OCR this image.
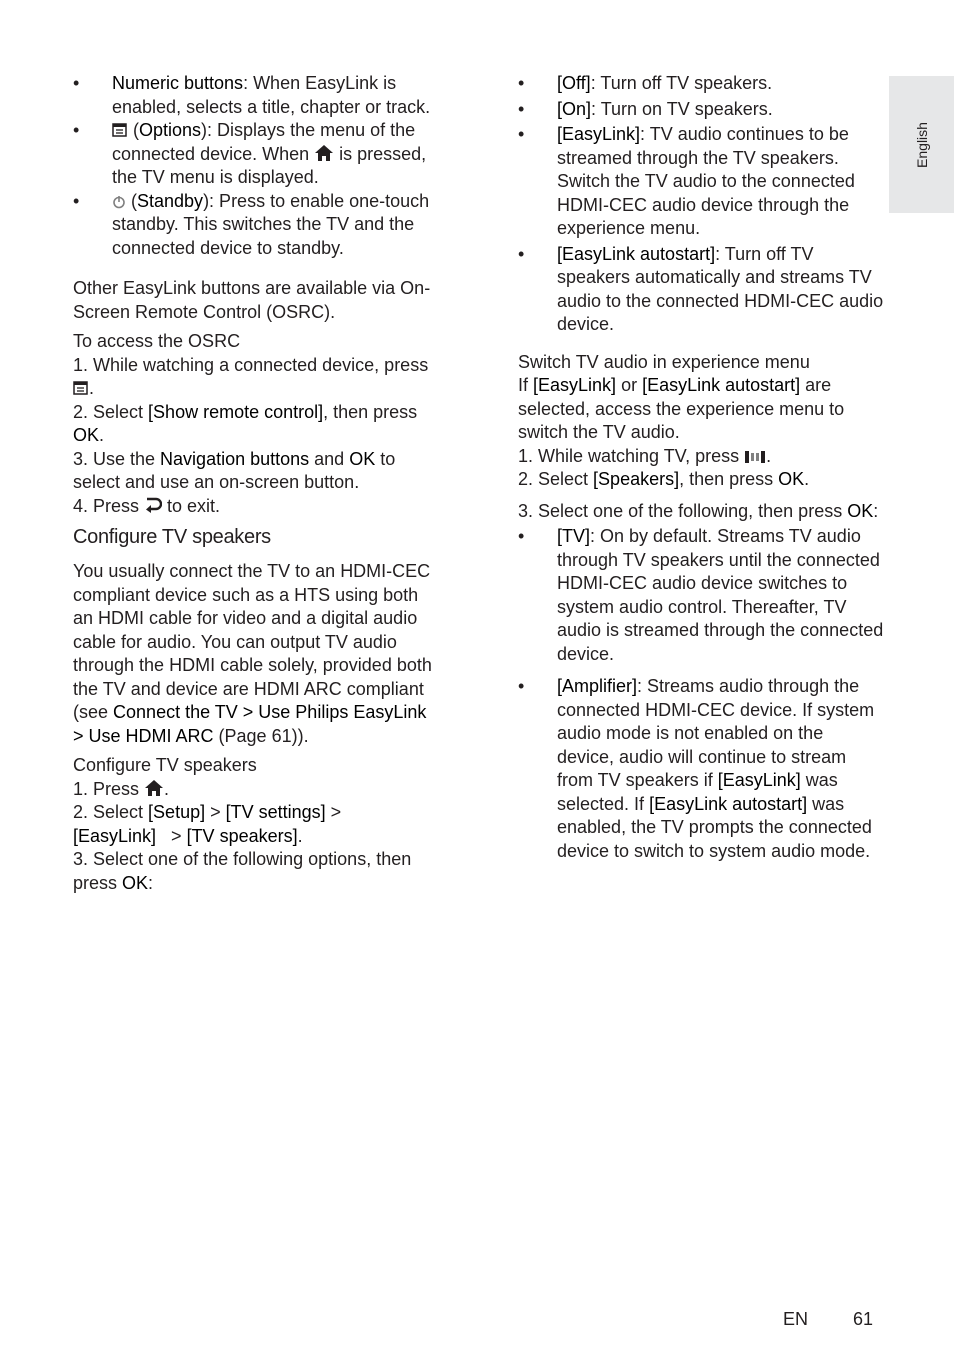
English

• Numeric buttons: When EasyLink is enabled, selects a title, chapter or track.

• (Options): Displays the menu of the connected device. When  is pressed, the TV menu is displayed.

• (Standby): Press to enable one-touch standby. This switches the TV and the connected device to standby.

Other EasyLink buttons are available via On-Screen Remote Control (OSRC).

To access the OSRC

1. While watching a connected device, press .

2. Select [Show remote control], then press OK.

3. Use the Navigation buttons and OK to select and use an on-screen button.

4. Press  to exit.

Configure TV speakers

You usually connect the TV to an HDMI-CEC compliant device such as a HTS using both an HDMI cable for video and a digital audio cable for audio. You can output TV audio through the HDMI cable solely, provided both the TV and device are HDMI ARC compliant (see Connect the TV > Use Philips EasyLink > Use HDMI ARC (Page 61)).

Configure TV speakers

1. Press .

2. Select [Setup] > [TV settings] >
[EasyLink]   > [TV speakers].

3. Select one of the following options, then press OK:

• [Off]: Turn off TV speakers.

• [On]: Turn on TV speakers.

• [EasyLink]: TV audio continues to be streamed through the TV speakers. Switch the TV audio to the connected HDMI-CEC audio device through the experience menu.

• [EasyLink autostart]: Turn off TV speakers automatically and streams TV audio to the connected HDMI-CEC audio device.

Switch TV audio in experience menu

If [EasyLink] or [EasyLink autostart] are selected, access the experience menu to switch the TV audio.

1. While watching TV, press .

2. Select [Speakers], then press OK.

3. Select one of the following, then press OK:

• [TV]: On by default. Streams TV audio through TV speakers until the connected HDMI-CEC audio device switches to system audio control. Thereafter, TV audio is streamed through the connected device.

• [Amplifier]: Streams audio through the connected HDMI-CEC device. If system audio mode is not enabled on the device, audio will continue to stream from TV speakers if [EasyLink] was selected. If [EasyLink autostart] was enabled, the TV prompts the connected device to switch to system audio mode.

EN 61
